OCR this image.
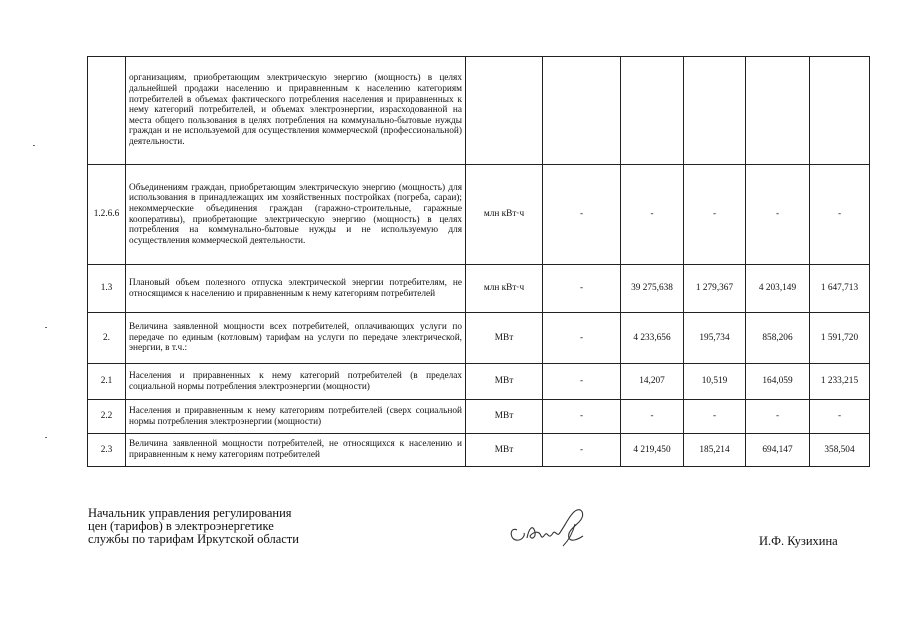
	организациям, приобретающим электрическую энергию (мощность) в целях дальнейшей продажи населению и приравненным к населению категориям потребителей в объемах фактического потребления населения и приравненных к нему категорий потребителей, и объемах электроэнергии, израсходованной на места общего пользования в целях потребления на коммунально-бытовые нужды граждан и не используемой для осуществления коммерческой (профессиональной) деятельности.						
1.2.6.6	Объединениям граждан, приобретающим электрическую энергию (мощность) для использования в принадлежащих им хозяйственных постройках (погреба, сараи); некоммерческие объединения граждан (гаражно-строительные, гаражные кооперативы), приобретающие электрическую энергию (мощность) в целях потребления на коммунально-бытовые нужды и не используемую для осуществления коммерческой деятельности.	млн кВт·ч	-	-	-	-	-
1.3	Плановый объем полезного отпуска электрической энергии потребителям, не относящимся к населению и приравненным к нему категориям потребителей	млн кВт·ч	-	39 275,638	1 279,367	4 203,149	1 647,713
2.	Величина заявленной мощности всех потребителей, оплачивающих услуги по передаче по единым (котловым) тарифам на услуги по передаче электрической, энергии, в т.ч.:	МВт	-	4 233,656	195,734	858,206	1 591,720
2.1	Населения и приравненных к нему категорий потребителей (в пределах социальной нормы потребления электроэнергии (мощности)	МВт	-	14,207	10,519	164,059	1 233,215
2.2	Населения и приравненным к нему категориям потребителей (сверх социальной нормы потребления электроэнергии (мощности)	МВт	-	-	-	-	-
2.3	Величина заявленной мощности потребителей, не относящихся к населению и приравненным к нему категориям потребителей	МВт	-	4 219,450	185,214	694,147	358,504
Начальник управления регулирования
цен (тарифов) в электроэнергетике
службы по тарифам Иркутской области	И.Ф. Кузихина
